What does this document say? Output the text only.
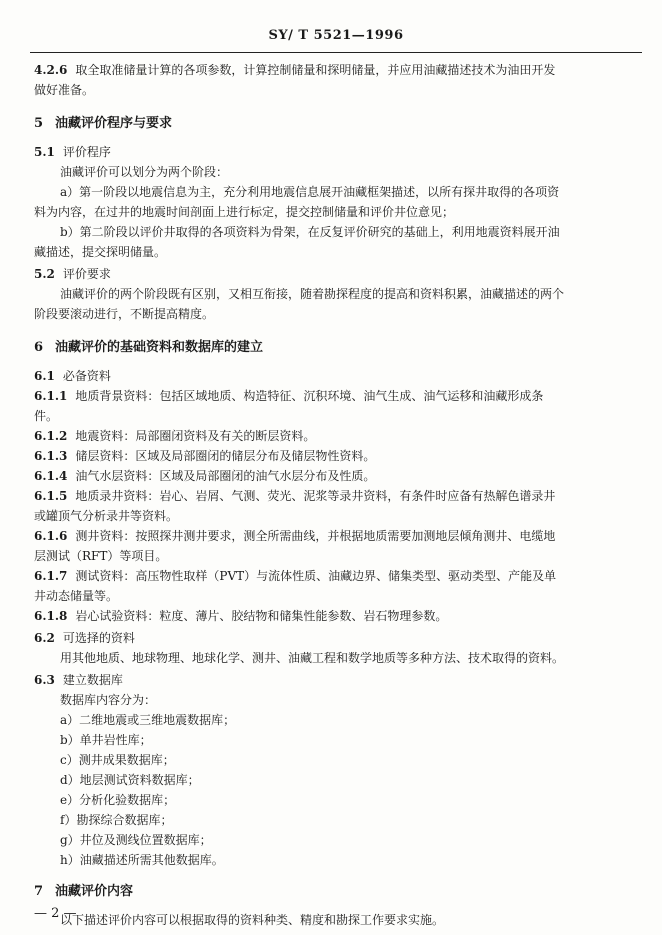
SY/ T 5521—1996

4.2.6 取全取准储量计算的各项参数，计算控制储量和探明储量，并应用油藏描述技术为油田开发

做好准备。

5 油藏评价程序与要求

5.1 评价程序

油藏评价可以划分为两个阶段：

a）第一阶段以地震信息为主，充分利用地震信息展开油藏框架描述，以所有探井取得的各项资

料为内容，在过井的地震时间剖面上进行标定，提交控制储量和评价井位意见；

b）第二阶段以评价井取得的各项资料为骨架，在反复评价研究的基础上，利用地震资料展开油

藏描述，提交探明储量。

5.2 评价要求

油藏评价的两个阶段既有区别，又相互衔接，随着勘探程度的提高和资料积累，油藏描述的两个

阶段要滚动进行，不断提高精度。

6 油藏评价的基础资料和数据库的建立

6.1 必备资料

6.1.1 地质背景资料：包括区域地质、构造特征、沉积环境、油气生成、油气运移和油藏形成条

件。

6.1.2 地震资料：局部圈闭资料及有关的断层资料。

6.1.3 储层资料：区域及局部圈闭的储层分布及储层物性资料。

6.1.4 油气水层资料：区域及局部圈闭的油气水层分布及性质。

6.1.5 地质录井资料：岩心、岩屑、气测、荧光、泥浆等录井资料，有条件时应备有热解色谱录井

或罐顶气分析录井等资料。

6.1.6 测井资料：按照探井测井要求，测全所需曲线，并根据地质需要加测地层倾角测井、电缆地

层测试（RFT）等项目。

6.1.7 测试资料：高压物性取样（PVT）与流体性质、油藏边界、储集类型、驱动类型、产能及单

井动态储量等。

6.1.8 岩心试验资料：粒度、薄片、胶结物和储集性能参数、岩石物理参数。

6.2 可选择的资料

用其他地质、地球物理、地球化学、测井、油藏工程和数学地质等多种方法、技术取得的资料。

6.3 建立数据库

数据库内容分为：

a）二维地震或三维地震数据库；

b）单井岩性库；

c）测井成果数据库；

d）地层测试资料数据库；

e）分析化验数据库；

f）勘探综合数据库；

g）井位及测线位置数据库；

h）油藏描述所需其他数据库。

7 油藏评价内容

以下描述评价内容可以根据取得的资料种类、精度和勘探工作要求实施。

— 2 —
